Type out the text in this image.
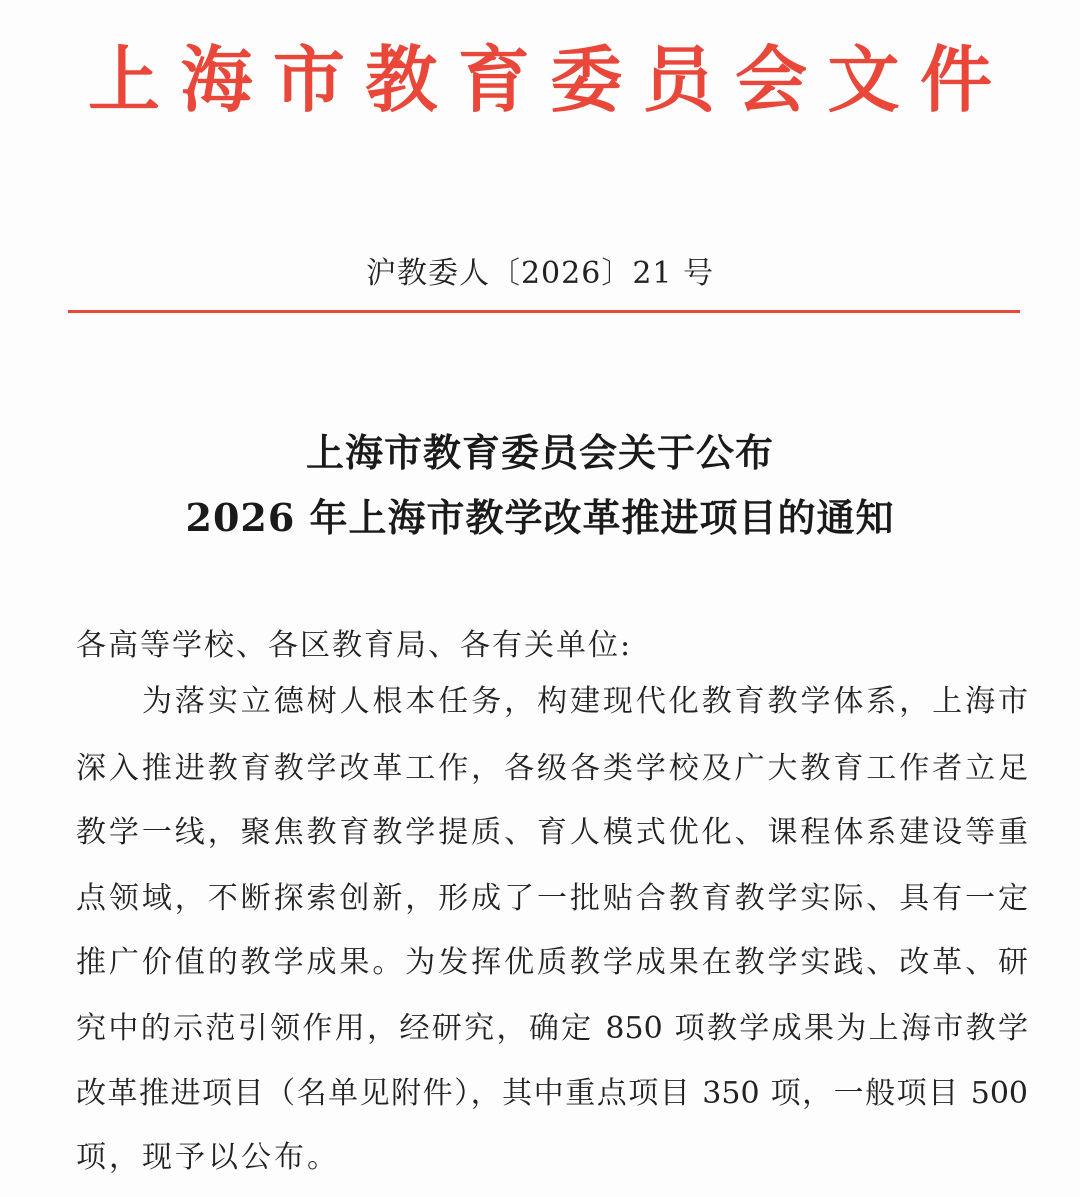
上 海 市 教 育 委 员 会 文 件
沪教委人〔2026〕21 号
上海市教育委员会关于公布
2026 年上海市教学改革推进项目的通知
各高等学校、各区教育局、各有关单位:
为落实立德树人根本任务，构建现代化教育教学体系，上海市
深入推进教育教学改革工作，各级各类学校及广大教育工作者立足
教学一线，聚焦教育教学提质、育人模式优化、课程体系建设等重
点领域，不断探索创新，形成了一批贴合教育教学实际、具有一定
推广价值的教学成果。为发挥优质教学成果在教学实践、改革、研
究中的示范引领作用，经研究，确定 850 项教学成果为上海市教学
改革推进项目（名单见附件），其中重点项目 350 项，一般项目 500
项，现予以公布。
